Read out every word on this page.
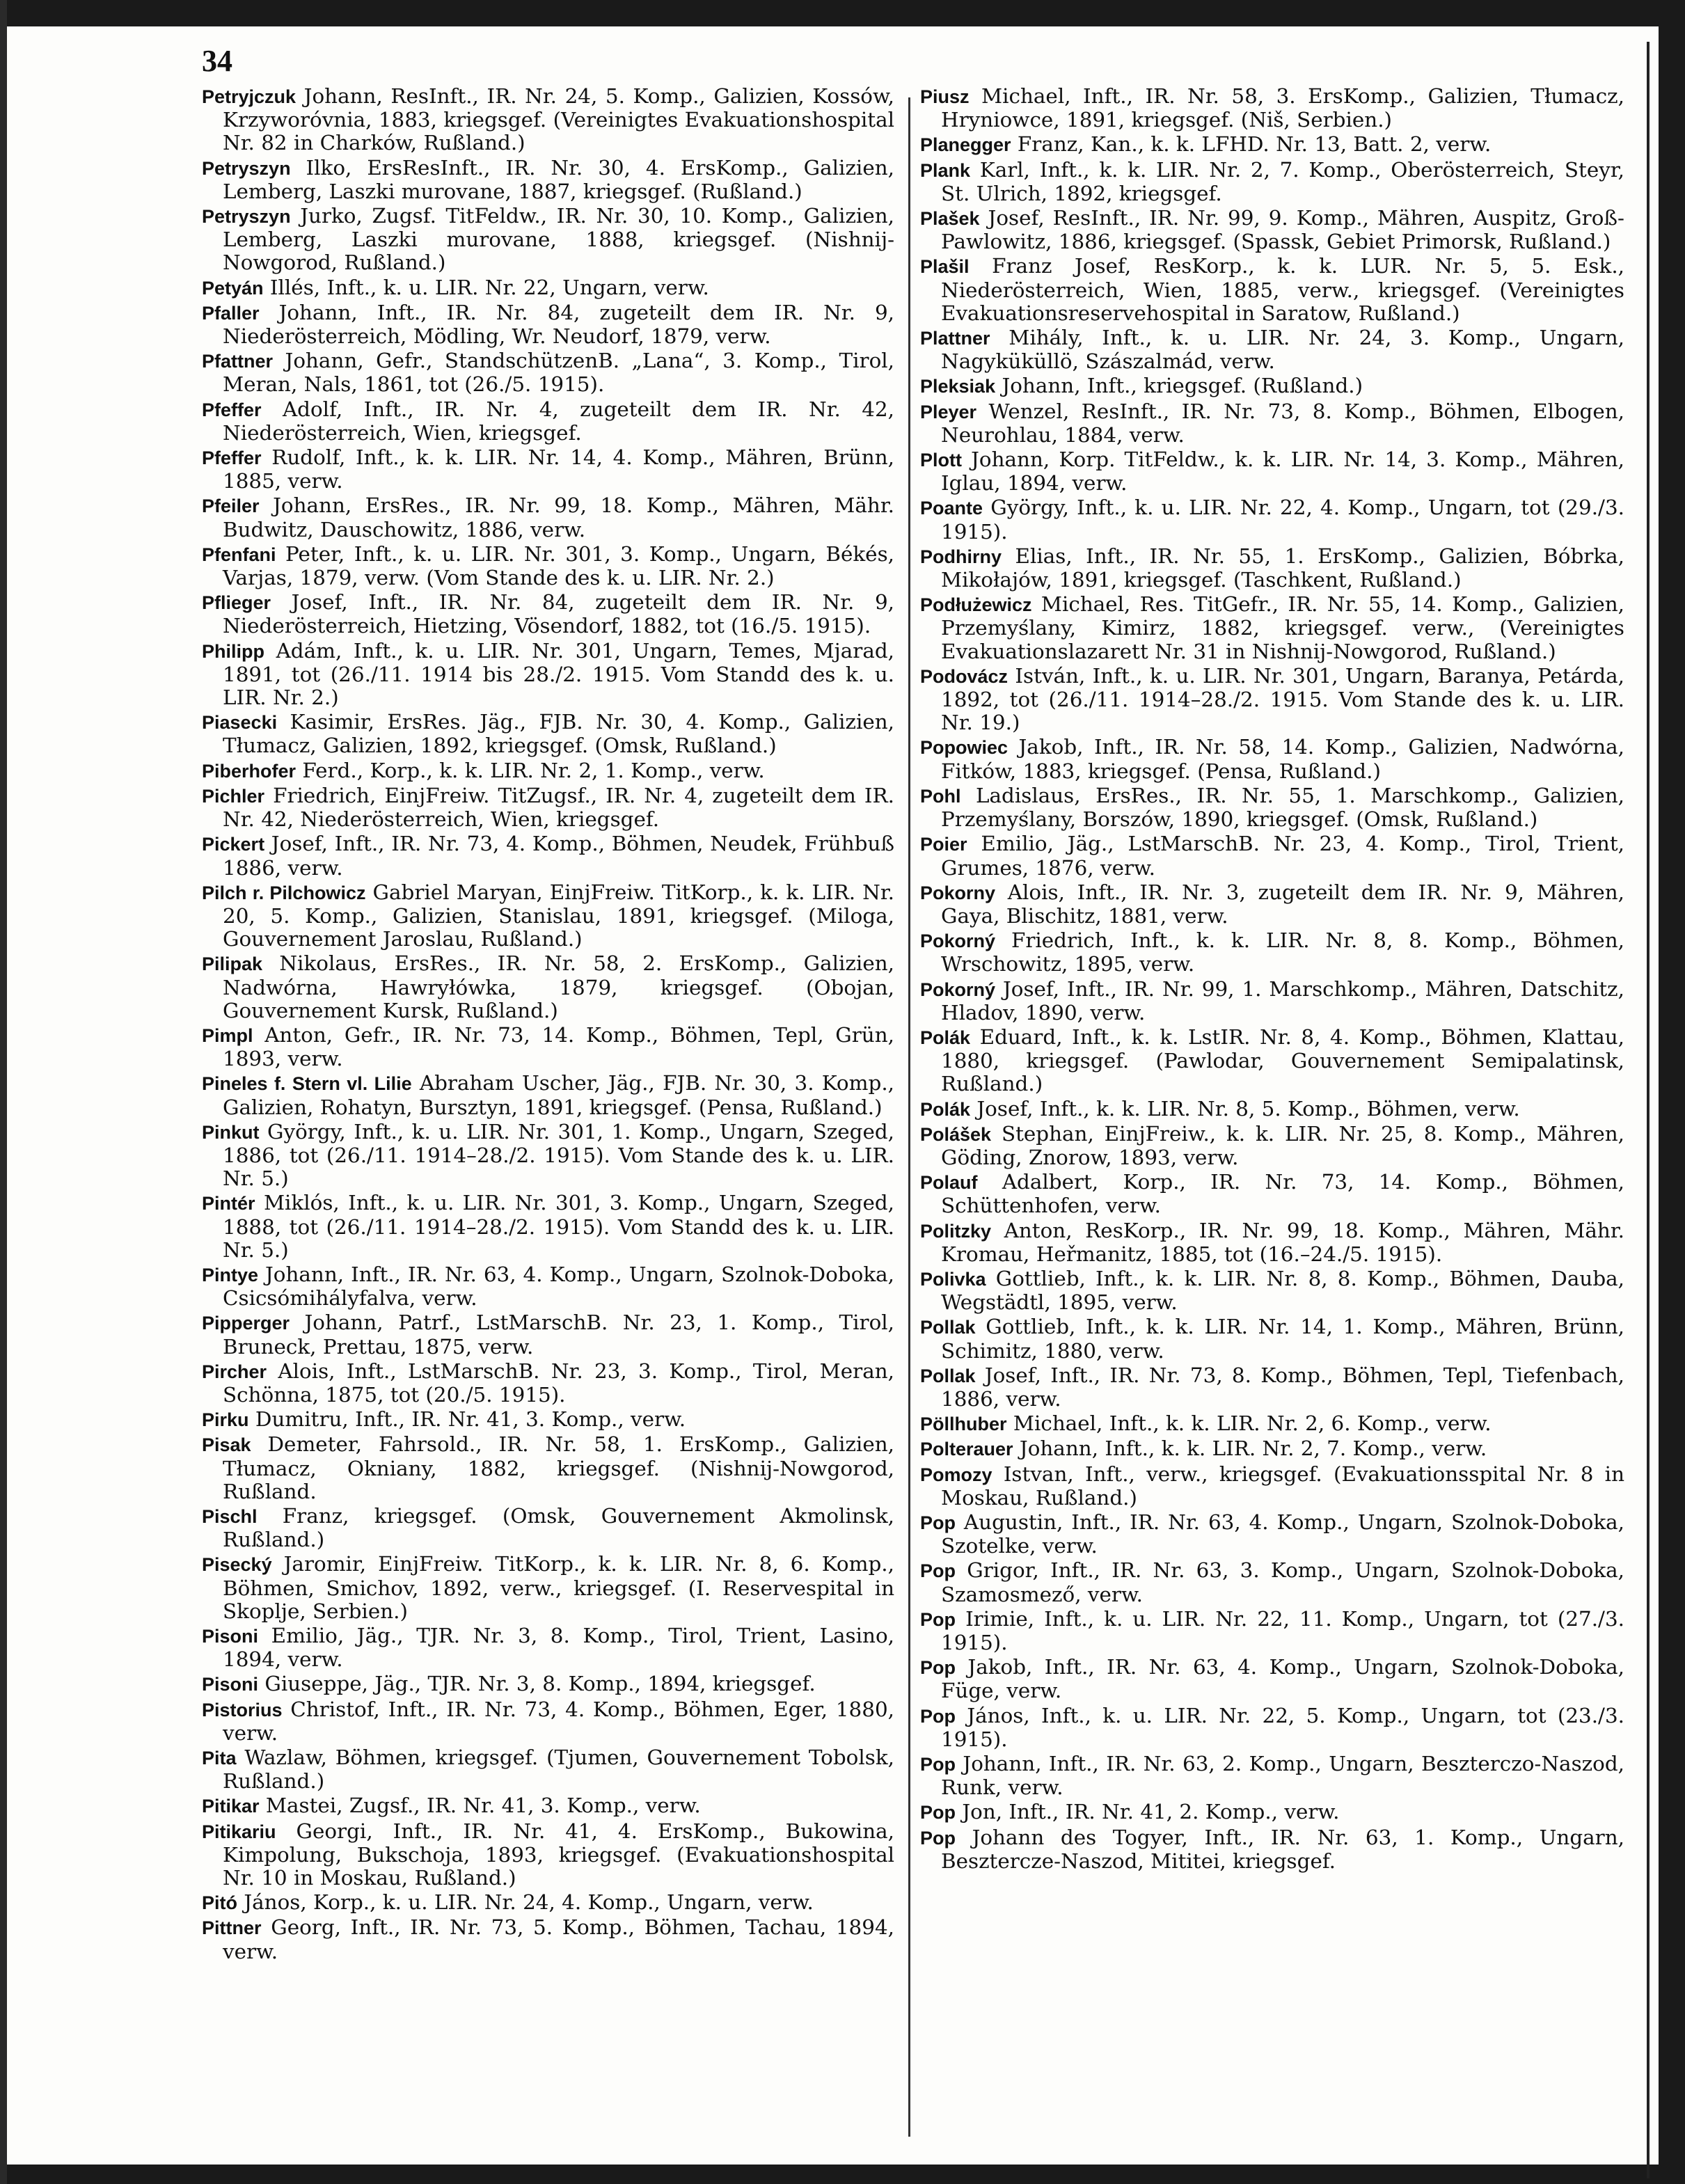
34

Petryjczuk Johann, ResInft., IR. Nr. 24, 5. Komp., Galizien, Kossów, Krzyworóvnia, 1883, kriegsgef. (Vereinigtes Evakuationshospital Nr. 82 in Charków, Rußland.)

Petryszyn Ilko, ErsResInft., IR. Nr. 30, 4. ErsKomp., Galizien, Lemberg, Laszki murovane, 1887, kriegsgef. (Rußland.)

Petryszyn Jurko, Zugsf. TitFeldw., IR. Nr. 30, 10. Komp., Galizien, Lemberg, Laszki murovane, 1888, kriegsgef. (Nishnij-Nowgorod, Rußland.)

Petyán Illés, Inft., k. u. LIR. Nr. 22, Ungarn, verw.

Pfaller Johann, Inft., IR. Nr. 84, zugeteilt dem IR. Nr. 9, Niederösterreich, Mödling, Wr. Neudorf, 1879, verw.

Pfattner Johann, Gefr., StandschützenB. „Lana“, 3. Komp., Tirol, Meran, Nals, 1861, tot (26./5. 1915).

Pfeffer Adolf, Inft., IR. Nr. 4, zugeteilt dem IR. Nr. 42, Niederösterreich, Wien, kriegsgef.

Pfeffer Rudolf, Inft., k. k. LIR. Nr. 14, 4. Komp., Mähren, Brünn, 1885, verw.

Pfeiler Johann, ErsRes., IR. Nr. 99, 18. Komp., Mähren, Mähr. Budwitz, Dauschowitz, 1886, verw.

Pfenfani Peter, Inft., k. u. LIR. Nr. 301, 3. Komp., Ungarn, Békés, Varjas, 1879, verw. (Vom Stande des k. u. LIR. Nr. 2.)

Pflieger Josef, Inft., IR. Nr. 84, zugeteilt dem IR. Nr. 9, Niederösterreich, Hietzing, Vösendorf, 1882, tot (16./5. 1915).

Philipp Adám, Inft., k. u. LIR. Nr. 301, Ungarn, Temes, Mjarad, 1891, tot (26./11. 1914 bis 28./2. 1915. Vom Standd des k. u. LIR. Nr. 2.)

Piasecki Kasimir, ErsRes. Jäg., FJB. Nr. 30, 4. Komp., Galizien, Tłumacz, Galizien, 1892, kriegsgef. (Omsk, Rußland.)

Piberhofer Ferd., Korp., k. k. LIR. Nr. 2, 1. Komp., verw.

Pichler Friedrich, EinjFreiw. TitZugsf., IR. Nr. 4, zugeteilt dem IR. Nr. 42, Niederösterreich, Wien, kriegsgef.

Pickert Josef, Inft., IR. Nr. 73, 4. Komp., Böhmen, Neudek, Frühbuß 1886, verw.

Pilch r. Pilchowicz Gabriel Maryan, EinjFreiw. TitKorp., k. k. LIR. Nr. 20, 5. Komp., Galizien, Stanislau, 1891, kriegsgef. (Miloga, Gouvernement Jaroslau, Rußland.)

Pilipak Nikolaus, ErsRes., IR. Nr. 58, 2. ErsKomp., Galizien, Nadwórna, Hawryłówka, 1879, kriegsgef. (Obojan, Gouvernement Kursk, Rußland.)

Pimpl Anton, Gefr., IR. Nr. 73, 14. Komp., Böhmen, Tepl, Grün, 1893, verw.

Pineles f. Stern vl. Lilie Abraham Uscher, Jäg., FJB. Nr. 30, 3. Komp., Galizien, Rohatyn, Bursztyn, 1891, kriegsgef. (Pensa, Rußland.)

Pinkut György, Inft., k. u. LIR. Nr. 301, 1. Komp., Ungarn, Szeged, 1886, tot (26./11. 1914–28./2. 1915). Vom Stande des k. u. LIR. Nr. 5.)

Pintér Miklós, Inft., k. u. LIR. Nr. 301, 3. Komp., Ungarn, Szeged, 1888, tot (26./11. 1914–28./2. 1915). Vom Standd des k. u. LIR. Nr. 5.)

Pintye Johann, Inft., IR. Nr. 63, 4. Komp., Ungarn, Szolnok-Doboka, Csicsómihályfalva, verw.

Pipperger Johann, Patrf., LstMarschB. Nr. 23, 1. Komp., Tirol, Bruneck, Prettau, 1875, verw.

Pircher Alois, Inft., LstMarschB. Nr. 23, 3. Komp., Tirol, Meran, Schönna, 1875, tot (20./5. 1915).

Pirku Dumitru, Inft., IR. Nr. 41, 3. Komp., verw.

Pisak Demeter, Fahrsold., IR. Nr. 58, 1. ErsKomp., Galizien, Tłumacz, Okniany, 1882, kriegsgef. (Nishnij-Nowgorod, Rußland.

Pischl Franz, kriegsgef. (Omsk, Gouvernement Akmolinsk, Rußland.)

Pisecký Jaromir, EinjFreiw. TitKorp., k. k. LIR. Nr. 8, 6. Komp., Böhmen, Smichov, 1892, verw., kriegsgef. (I. Reservespital in Skoplje, Serbien.)

Pisoni Emilio, Jäg., TJR. Nr. 3, 8. Komp., Tirol, Trient, Lasino, 1894, verw.

Pisoni Giuseppe, Jäg., TJR. Nr. 3, 8. Komp., 1894, kriegsgef.

Pistorius Christof, Inft., IR. Nr. 73, 4. Komp., Böhmen, Eger, 1880, verw.

Pita Wazlaw, Böhmen, kriegsgef. (Tjumen, Gouvernement Tobolsk, Rußland.)

Pitikar Mastei, Zugsf., IR. Nr. 41, 3. Komp., verw.

Pitikariu Georgi, Inft., IR. Nr. 41, 4. ErsKomp., Bukowina, Kimpolung, Bukschoja, 1893, kriegsgef. (Evakuationshospital Nr. 10 in Moskau, Rußland.)

Pitó János, Korp., k. u. LIR. Nr. 24, 4. Komp., Ungarn, verw.

Pittner Georg, Inft., IR. Nr. 73, 5. Komp., Böhmen, Tachau, 1894, verw.

Piusz Michael, Inft., IR. Nr. 58, 3. ErsKomp., Galizien, Tłumacz, Hryniowce, 1891, kriegsgef. (Niš, Serbien.)

Planegger Franz, Kan., k. k. LFHD. Nr. 13, Batt. 2, verw.

Plank Karl, Inft., k. k. LIR. Nr. 2, 7. Komp., Oberösterreich, Steyr, St. Ulrich, 1892, kriegsgef.

Plašek Josef, ResInft., IR. Nr. 99, 9. Komp., Mähren, Auspitz, Groß-Pawlowitz, 1886, kriegsgef. (Spassk, Gebiet Primorsk, Rußland.)

Plašil Franz Josef, ResKorp., k. k. LUR. Nr. 5, 5. Esk., Niederösterreich, Wien, 1885, verw., kriegsgef. (Vereinigtes Evakuationsreservehospital in Saratow, Rußland.)

Plattner Mihály, Inft., k. u. LIR. Nr. 24, 3. Komp., Ungarn, Nagyküküllö, Szászalmád, verw.

Pleksiak Johann, Inft., kriegsgef. (Rußland.)

Pleyer Wenzel, ResInft., IR. Nr. 73, 8. Komp., Böhmen, Elbogen, Neurohlau, 1884, verw.

Plott Johann, Korp. TitFeldw., k. k. LIR. Nr. 14, 3. Komp., Mähren, Iglau, 1894, verw.

Poante György, Inft., k. u. LIR. Nr. 22, 4. Komp., Ungarn, tot (29./3. 1915).

Podhirny Elias, Inft., IR. Nr. 55, 1. ErsKomp., Galizien, Bóbrka, Mikołajów, 1891, kriegsgef. (Taschkent, Rußland.)

Podłużewicz Michael, Res. TitGefr., IR. Nr. 55, 14. Komp., Galizien, Przemyślany, Kimirz, 1882, kriegsgef. verw., (Vereinigtes Evakuationslazarett Nr. 31 in Nishnij-Nowgorod, Rußland.)

Podovácz István, Inft., k. u. LIR. Nr. 301, Ungarn, Baranya, Petárda, 1892, tot (26./11. 1914–28./2. 1915. Vom Stande des k. u. LIR. Nr. 19.)

Popowiec Jakob, Inft., IR. Nr. 58, 14. Komp., Galizien, Nadwórna, Fitków, 1883, kriegsgef. (Pensa, Rußland.)

Pohl Ladislaus, ErsRes., IR. Nr. 55, 1. Marschkomp., Galizien, Przemyślany, Borszów, 1890, kriegsgef. (Omsk, Rußland.)

Poier Emilio, Jäg., LstMarschB. Nr. 23, 4. Komp., Tirol, Trient, Grumes, 1876, verw.

Pokorny Alois, Inft., IR. Nr. 3, zugeteilt dem IR. Nr. 9, Mähren, Gaya, Blischitz, 1881, verw.

Pokorný Friedrich, Inft., k. k. LIR. Nr. 8, 8. Komp., Böhmen, Wrschowitz, 1895, verw.

Pokorný Josef, Inft., IR. Nr. 99, 1. Marschkomp., Mähren, Datschitz, Hladov, 1890, verw.

Polák Eduard, Inft., k. k. LstIR. Nr. 8, 4. Komp., Böhmen, Klattau, 1880, kriegsgef. (Pawlodar, Gouvernement Semipalatinsk, Rußland.)

Polák Josef, Inft., k. k. LIR. Nr. 8, 5. Komp., Böhmen, verw.

Polášek Stephan, EinjFreiw., k. k. LIR. Nr. 25, 8. Komp., Mähren, Göding, Znorow, 1893, verw.

Polauf Adalbert, Korp., IR. Nr. 73, 14. Komp., Böhmen, Schüttenhofen, verw.

Politzky Anton, ResKorp., IR. Nr. 99, 18. Komp., Mähren, Mähr. Kromau, Heřmanitz, 1885, tot (16.–24./5. 1915).

Polivka Gottlieb, Inft., k. k. LIR. Nr. 8, 8. Komp., Böhmen, Dauba, Wegstädtl, 1895, verw.

Pollak Gottlieb, Inft., k. k. LIR. Nr. 14, 1. Komp., Mähren, Brünn, Schimitz, 1880, verw.

Pollak Josef, Inft., IR. Nr. 73, 8. Komp., Böhmen, Tepl, Tiefenbach, 1886, verw.

Pöllhuber Michael, Inft., k. k. LIR. Nr. 2, 6. Komp., verw.

Polterauer Johann, Inft., k. k. LIR. Nr. 2, 7. Komp., verw.

Pomozy Istvan, Inft., verw., kriegsgef. (Evakuationsspital Nr. 8 in Moskau, Rußland.)

Pop Augustin, Inft., IR. Nr. 63, 4. Komp., Ungarn, Szolnok-Doboka, Szotelke, verw.

Pop Grigor, Inft., IR. Nr. 63, 3. Komp., Ungarn, Szolnok-Doboka, Szamosmező, verw.

Pop Irimie, Inft., k. u. LIR. Nr. 22, 11. Komp., Ungarn, tot (27./3. 1915).

Pop Jakob, Inft., IR. Nr. 63, 4. Komp., Ungarn, Szolnok-Doboka, Füge, verw.

Pop János, Inft., k. u. LIR. Nr. 22, 5. Komp., Ungarn, tot (23./3. 1915).

Pop Johann, Inft., IR. Nr. 63, 2. Komp., Ungarn, Beszterczo-Naszod, Runk, verw.

Pop Jon, Inft., IR. Nr. 41, 2. Komp., verw.

Pop Johann des Togyer, Inft., IR. Nr. 63, 1. Komp., Ungarn, Besztercze-Naszod, Mititei, kriegsgef.
